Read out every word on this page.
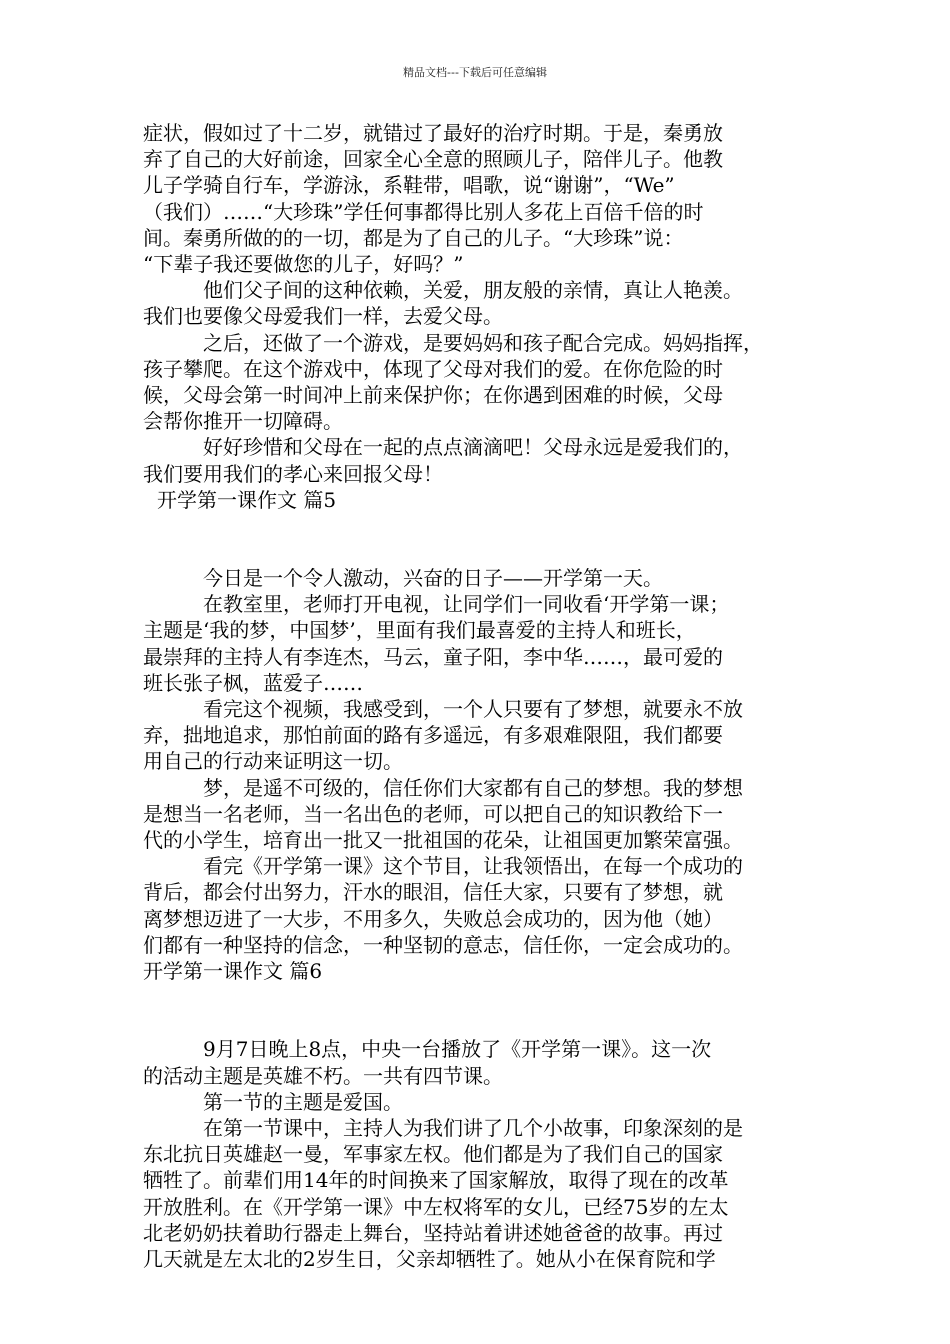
精品文档---下载后可任意编辑
症状，假如过了十二岁，就错过了最好的治疗时期。于是，秦勇放
弃了自己的大好前途，回家全心全意的照顾儿子，陪伴儿子。他教
儿子学骑自行车，学游泳，系鞋带，唱歌，说“谢谢”，“We”
（我们）……“大珍珠”学任何事都得比别人多花上百倍千倍的时
间。秦勇所做的的一切，都是为了自己的儿子。“大珍珠”说：
“下辈子我还要做您的儿子，好吗？”
他们父子间的这种依赖，关爱，朋友般的亲情，真让人艳羡。
我们也要像父母爱我们一样，去爱父母。
之后，还做了一个游戏，是要妈妈和孩子配合完成。妈妈指挥，
孩子攀爬。在这个游戏中，体现了父母对我们的爱。在你危险的时
候，父母会第一时间冲上前来保护你；在你遇到困难的时候，父母
会帮你推开一切障碍。
好好珍惜和父母在一起的点点滴滴吧！父母永远是爱我们的，
我们要用我们的孝心来回报父母！
开学第一课作文 篇5
今日是一个令人激动，兴奋的日子——开学第一天。
在教室里，老师打开电视，让同学们一同收看‘开学第一课；
主题是‘我的梦，中国梦’，里面有我们最喜爱的主持人和班长，
最崇拜的主持人有李连杰，马云，童子阳，李中华……，最可爱的
班长张子枫，蓝爱子……
看完这个视频，我感受到，一个人只要有了梦想，就要永不放
弃，拙地追求，那怕前面的路有多遥远，有多艰难限阻，我们都要
用自己的行动来证明这一切。
梦，是遥不可级的，信任你们大家都有自己的梦想。我的梦想
是想当一名老师，当一名出色的老师，可以把自己的知识教给下一
代的小学生，培育出一批又一批祖国的花朵，让祖国更加繁荣富强。
看完《开学第一课》这个节目，让我领悟出，在每一个成功的
背后，都会付出努力，汗水的眼泪，信任大家，只要有了梦想，就
离梦想迈进了一大步，不用多久，失败总会成功的，因为他（她）
们都有一种坚持的信念，一种坚韧的意志，信任你，一定会成功的。
开学第一课作文 篇6
9月7日晚上8点，中央一台播放了《开学第一课》。这一次
的活动主题是英雄不朽。一共有四节课。
第一节的主题是爱国。
在第一节课中，主持人为我们讲了几个小故事，印象深刻的是
东北抗日英雄赵一曼，军事家左权。他们都是为了我们自己的国家
牺牲了。前辈们用14年的时间换来了国家解放，取得了现在的改革
开放胜利。在《开学第一课》中左权将军的女儿，已经75岁的左太
北老奶奶扶着助行器走上舞台，坚持站着讲述她爸爸的故事。再过
几天就是左太北的2岁生日，父亲却牺牲了。她从小在保育院和学
